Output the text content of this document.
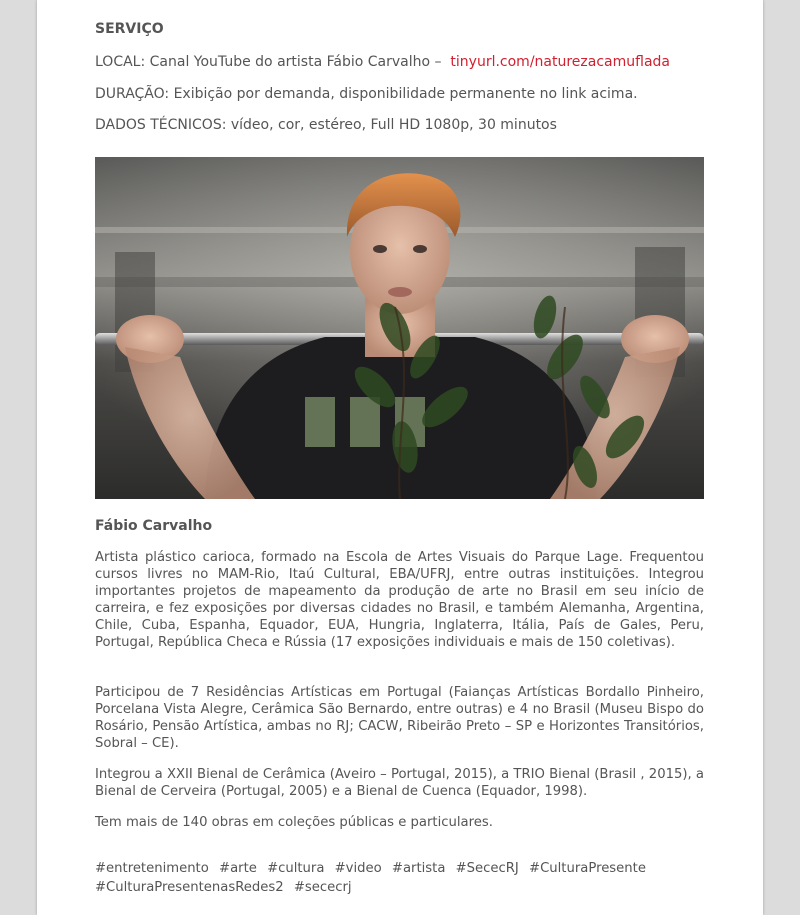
SERVIÇO
LOCAL: Canal YouTube do artista Fábio Carvalho – tinyurl.com/naturezacamuflada
DURAÇÃO: Exibição por demanda, disponibilidade permanente no link acima.
DADOS TÉCNICOS: vídeo, cor, estéreo, Full HD 1080p, 30 minutos
Fábio Carvalho

Artista plástico carioca, formado na Escola de Artes Visuais do Parque Lage. Frequentou cursos livres no MAM-Rio, Itaú Cultural, EBA/UFRJ, entre outras instituições. Integrou importantes projetos de mapeamento da produção de arte no Brasil em seu início de carreira, e fez exposições por diversas cidades no Brasil, e também Alemanha, Argentina, Chile, Cuba, Espanha, Equador, EUA, Hungria, Inglaterra, Itália, País de Gales, Peru, Portugal, República Checa e Rússia (17 exposições individuais e mais de 150 coletivas).

Participou de 7 Residências Artísticas em Portugal (Faianças Artísticas Bordallo Pinheiro, Porcelana Vista Alegre, Cerâmica São Bernardo, entre outras) e 4 no Brasil (Museu Bispo do Rosário, Pensão Artística, ambas no RJ; CACW, Ribeirão Preto – SP e Horizontes Transitórios, Sobral – CE).

Integrou a XXII Bienal de Cerâmica (Aveiro – Portugal, 2015), a TRIO Bienal (Brasil , 2015), a Bienal de Cerveira (Portugal, 2005) e a Bienal de Cuenca (Equador, 1998).

Tem mais de 140 obras em coleções públicas e particulares.

#entretenimento #arte #cultura #video #artista #SececRJ #CulturaPresente #CulturaPresentenasRedes2 #sececrj
